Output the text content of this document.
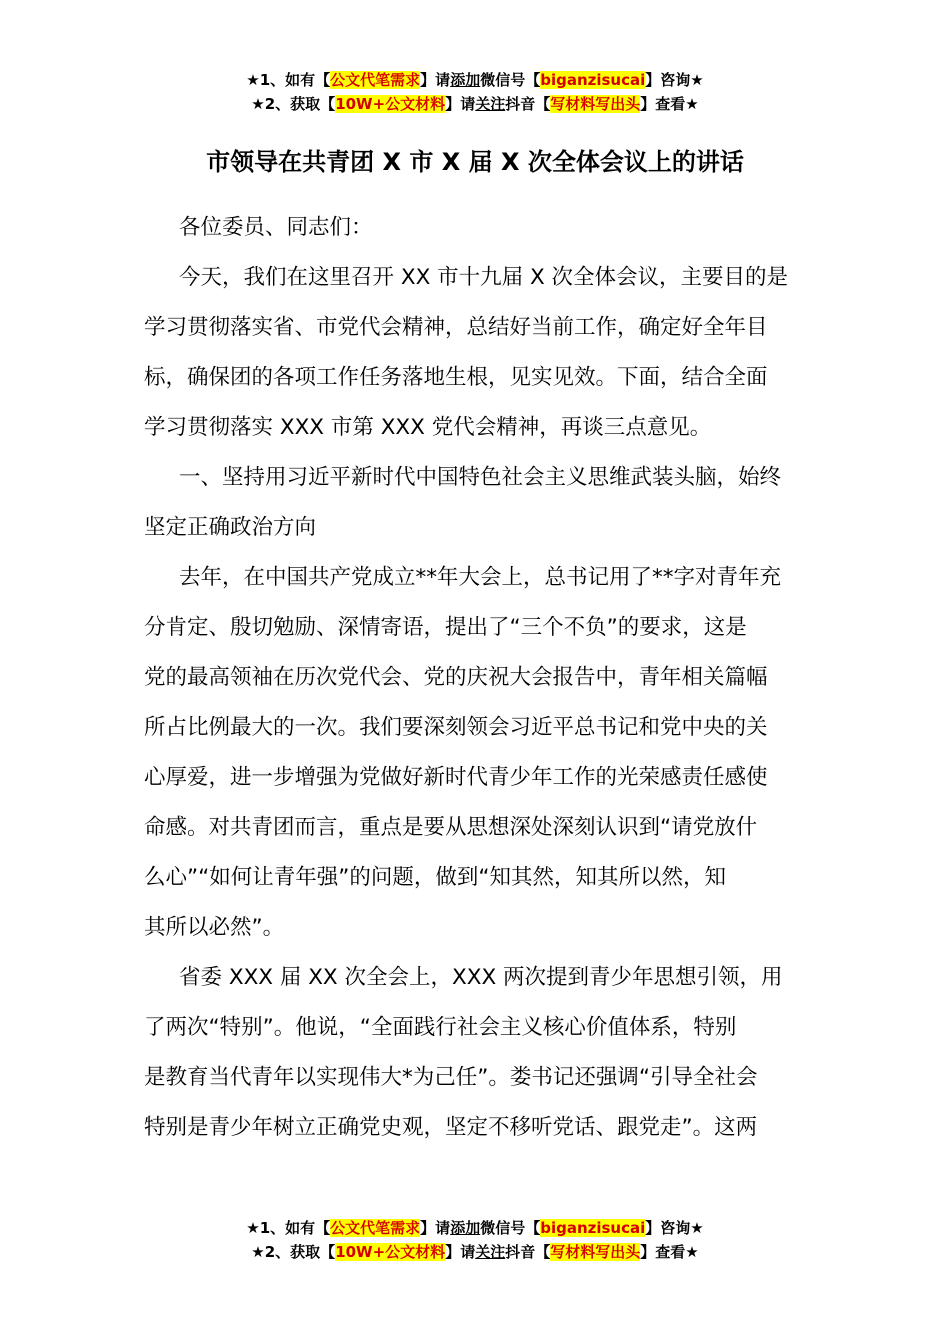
★1、如有【公文代笔需求】请添加微信号【biganzisucai】咨询★
★2、获取【10W+公文材料】请关注抖音【写材料写出头】查看★
市领导在共青团 X 市 X 届 X 次全体会议上的讲话
各位委员、同志们：
今天，我们在这里召开 XX 市十九届 X 次全体会议，主要目的是
学习贯彻落实省、市党代会精神，总结好当前工作，确定好全年目
标，确保团的各项工作任务落地生根，见实见效。下面，结合全面
学习贯彻落实 XXX 市第 XXX 党代会精神，再谈三点意见。
一、坚持用习近平新时代中国特色社会主义思维武装头脑，始终
坚定正确政治方向
去年，在中国共产党成立**年大会上，总书记用了**字对青年充
分肯定、殷切勉励、深情寄语，提出了“三个不负”的要求，这是
党的最高领袖在历次党代会、党的庆祝大会报告中，青年相关篇幅
所占比例最大的一次。我们要深刻领会习近平总书记和党中央的关
心厚爱，进一步增强为党做好新时代青少年工作的光荣感责任感使
命感。对共青团而言，重点是要从思想深处深刻认识到“请党放什
么心”“如何让青年强”的问题，做到“知其然，知其所以然，知
其所以必然”。
省委 XXX 届 XX 次全会上，XXX 两次提到青少年思想引领，用
了两次“特别”。他说，“全面践行社会主义核心价值体系，特别
是教育当代青年以实现伟大*为己任”。娄书记还强调“引导全社会
特别是青少年树立正确党史观，坚定不移听党话、跟党走”。这两
★1、如有【公文代笔需求】请添加微信号【biganzisucai】咨询★
★2、获取【10W+公文材料】请关注抖音【写材料写出头】查看★
